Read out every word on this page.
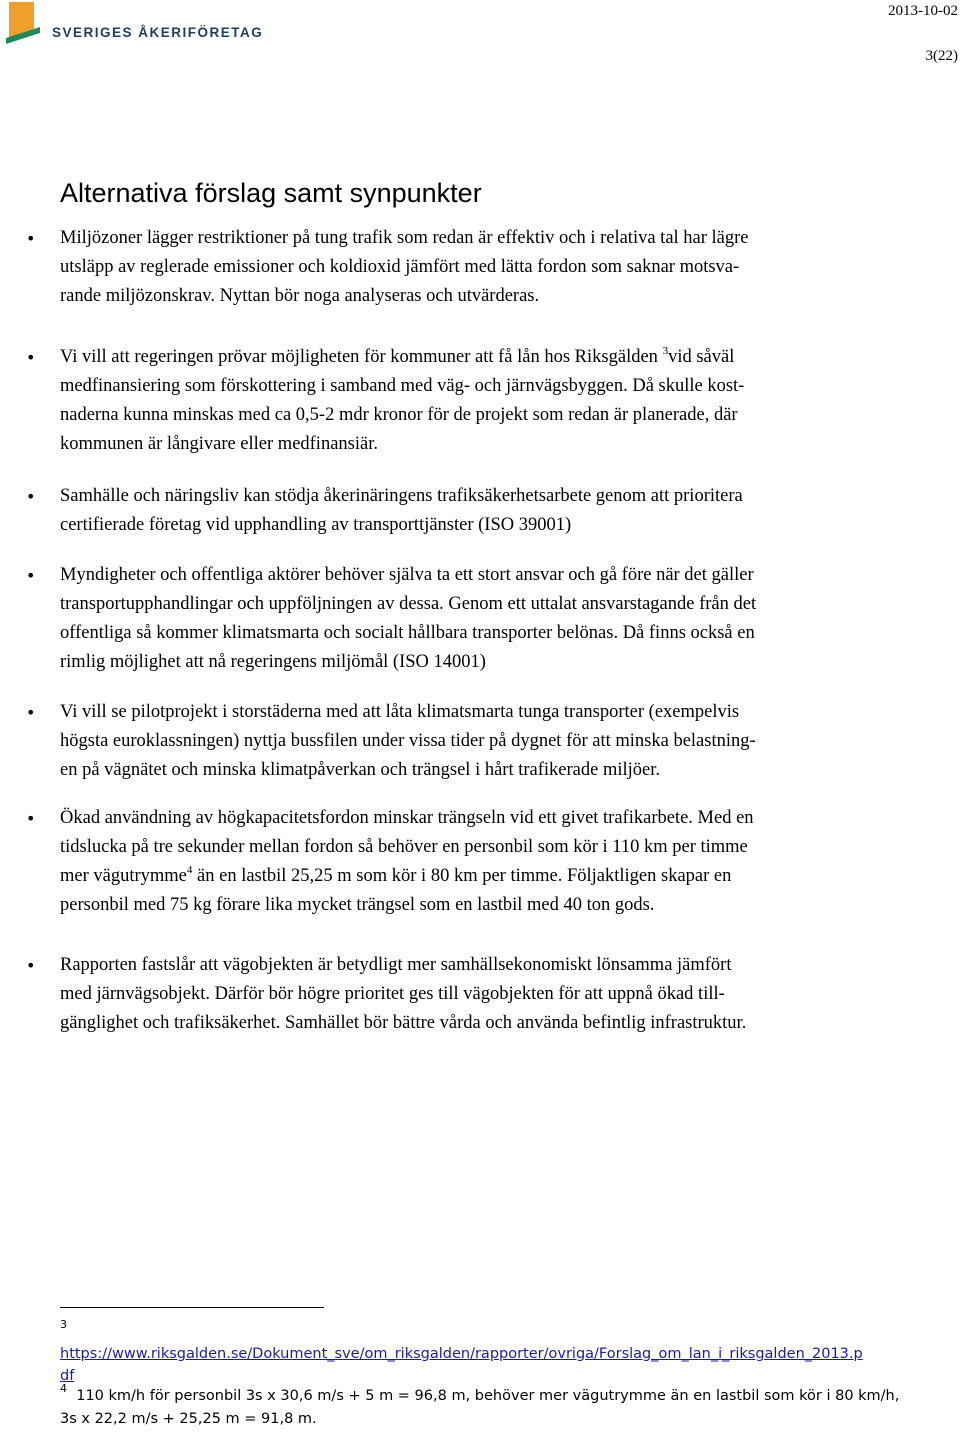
SVERIGES ÅKERIFÖRETAG
2013-10-02
3(22)
Alternativa förslag samt synpunkter
• Miljözoner lägger restriktioner på tung trafik som redan är effektiv och i relativa tal har lägre
utsläpp av reglerade emissioner och koldioxid jämfört med lätta fordon som saknar motsva-
rande miljözonskrav. Nyttan bör noga analyseras och utvärderas.
• Vi vill att regeringen prövar möjligheten för kommuner att få lån hos Riksgälden $^3$vid såväl
medfinansiering som förskottering i samband med väg- och järnvägsbyggen. Då skulle kost-
naderna kunna minskas med ca 0,5-2 mdr kronor för de projekt som redan är planerade, där
kommunen är långivare eller medfinansiär.
• Samhälle och näringsliv kan stödja åkerinäringens trafiksäkerhetsarbete genom att prioritera
certifierade företag vid upphandling av transporttjänster (ISO 39001)
• Myndigheter och offentliga aktörer behöver själva ta ett stort ansvar och gå före när det gäller
transportupphandlingar och uppföljningen av dessa. Genom ett uttalat ansvarstagande från det
offentliga så kommer klimatsmarta och socialt hållbara transporter belönas. Då finns också en
rimlig möjlighet att nå regeringens miljömål (ISO 14001)
• Vi vill se pilotprojekt i storstäderna med att låta klimatsmarta tunga transporter (exempelvis
högsta euroklassningen) nyttja bussfilen under vissa tider på dygnet för att minska belastning-
en på vägnätet och minska klimatpåverkan och trängsel i hårt trafikerade miljöer.
• Ökad användning av högkapacitetsfordon minskar trängseln vid ett givet trafikarbete. Med en
tidslucka på tre sekunder mellan fordon så behöver en personbil som kör i 110 km per timme
mer vägutrymme$^4$ än en lastbil 25,25 m som kör i 80 km per timme. Följaktligen skapar en
personbil med 75 kg förare lika mycket trängsel som en lastbil med 40 ton gods.
• Rapporten fastslår att vägobjekten är betydligt mer samhällsekonomiskt lönsamma jämfört
med järnvägsobjekt. Därför bör högre prioritet ges till vägobjekten för att uppnå ökad till-
gänglighet och trafiksäkerhet. Samhället bör bättre vårda och använda befintlig infrastruktur.
3
https://www.riksgalden.se/Dokument_sve/om_riksgalden/rapporter/ovriga/Forslag_om_lan_i_riksgalden_2013.p
df
$^4$ 110 km/h för personbil 3s x 30,6 m/s + 5 m = 96,8 m, behöver mer vägutrymme än en lastbil som kör i 80 km/h,
3s x 22,2 m/s + 25,25 m = 91,8 m.
